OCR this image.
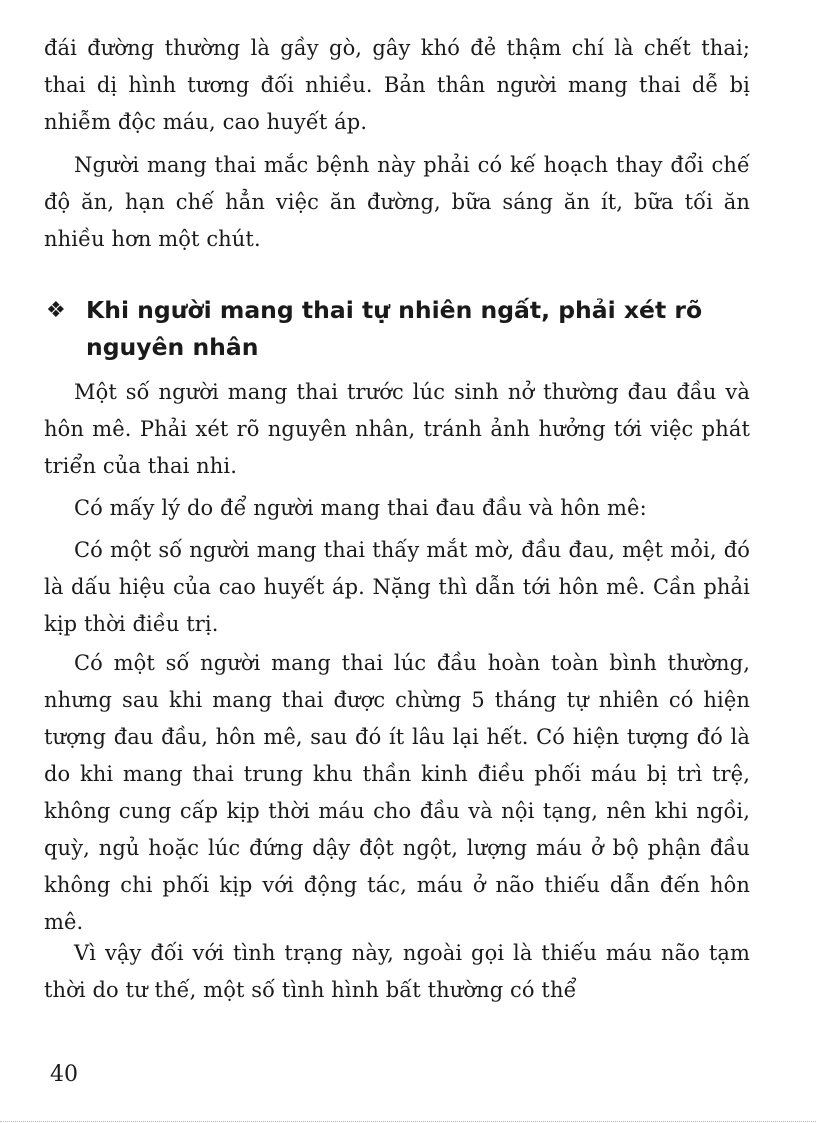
đái đường thường là gầy gò, gây khó đẻ thậm chí là chết thai; thai dị hình tương đối nhiều. Bản thân người mang thai dễ bị nhiễm độc máu, cao huyết áp.

Người mang thai mắc bệnh này phải có kế hoạch thay đổi chế độ ăn, hạn chế hẳn việc ăn đường, bữa sáng ăn ít, bữa tối ăn nhiều hơn một chút.

❖ Khi người mang thai tự nhiên ngất, phải xét rõ nguyên nhân

Một số người mang thai trước lúc sinh nở thường đau đầu và hôn mê. Phải xét rõ nguyên nhân, tránh ảnh hưởng tới việc phát triển của thai nhi.

Có mấy lý do để người mang thai đau đầu và hôn mê:

Có một số người mang thai thấy mắt mờ, đầu đau, mệt mỏi, đó là dấu hiệu của cao huyết áp. Nặng thì dẫn tới hôn mê. Cần phải kịp thời điều trị.

Có một số người mang thai lúc đầu hoàn toàn bình thường, nhưng sau khi mang thai được chừng 5 tháng tự nhiên có hiện tượng đau đầu, hôn mê, sau đó ít lâu lại hết. Có hiện tượng đó là do khi mang thai trung khu thần kinh điều phối máu bị trì trệ, không cung cấp kịp thời máu cho đầu và nội tạng, nên khi ngồi, quỳ, ngủ hoặc lúc đứng dậy đột ngột, lượng máu ở bộ phận đầu không chi phối kịp với động tác, máu ở não thiếu dẫn đến hôn mê.

Vì vậy đối với tình trạng này, ngoài gọi là thiếu máu não tạm thời do tư thế, một số tình hình bất thường có thể

40
